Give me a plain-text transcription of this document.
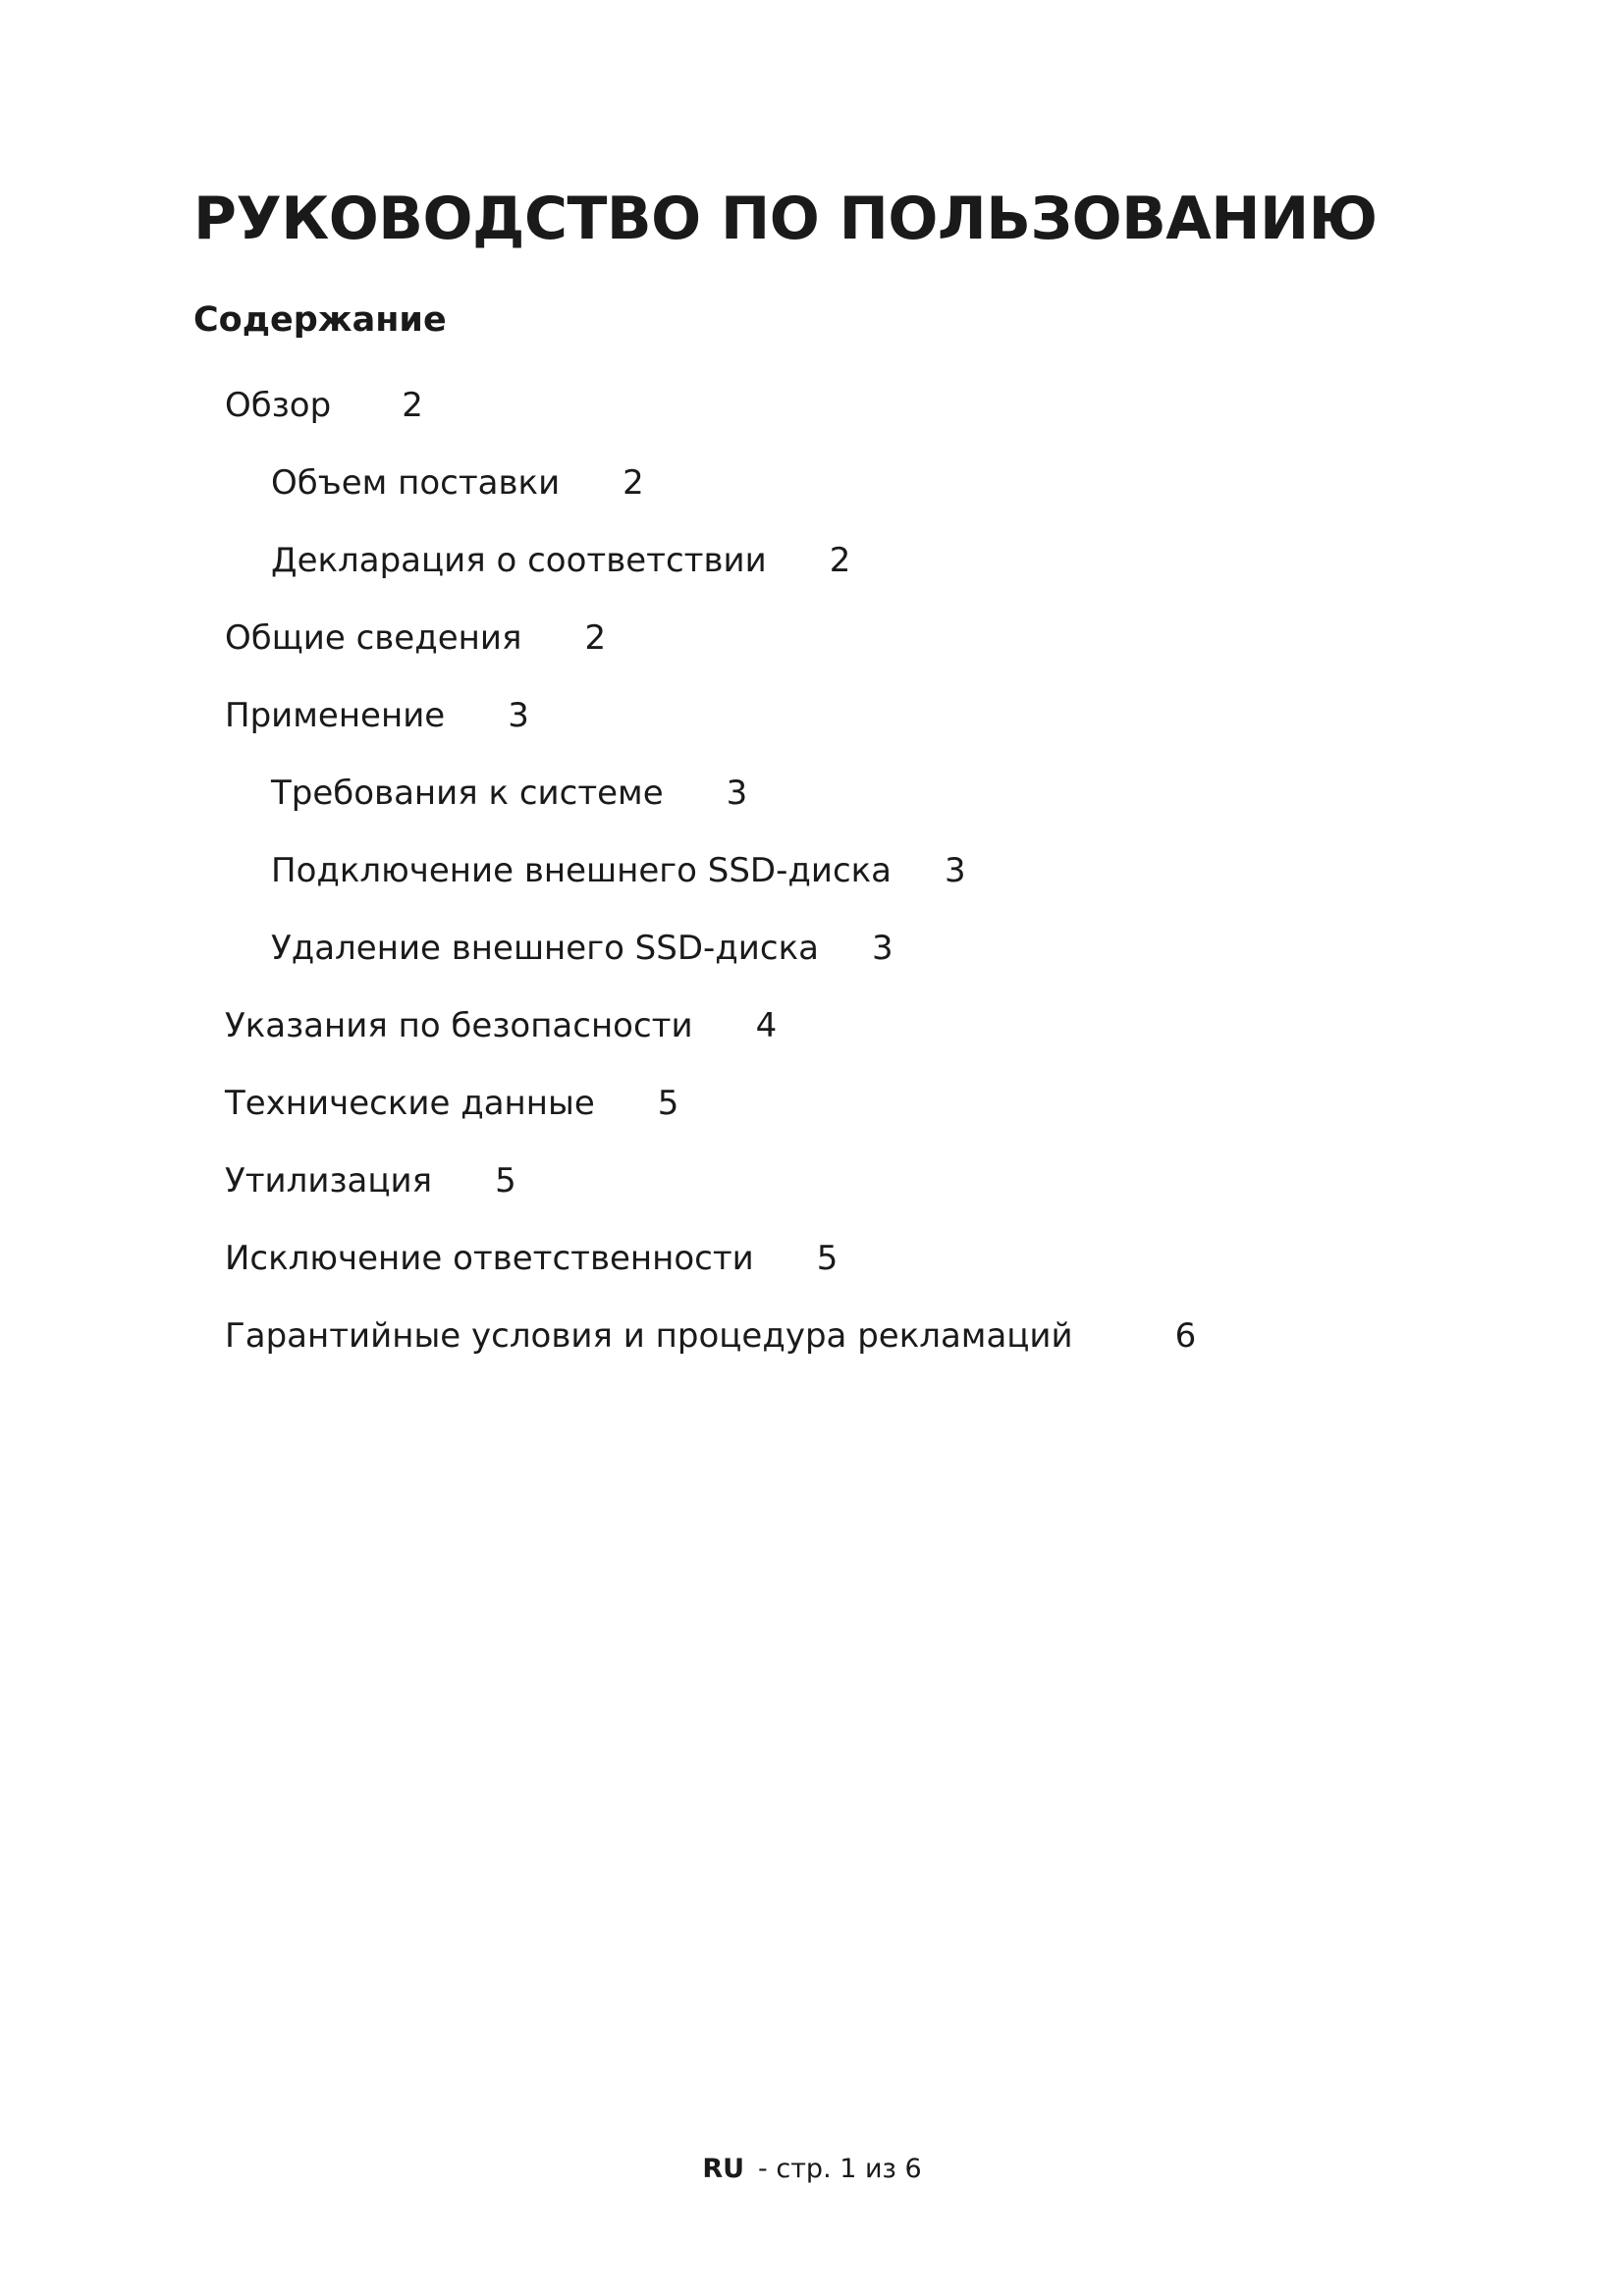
РУКОВОДСТВО ПО ПОЛЬЗОВАНИЮ
Содержание
Обзор 2
Объем поставки 2
Декларация о соответствии 2
Общие сведения 2
Применение 3
Требования к системе 3
Подключение внешнего SSD-диска 3
Удаление внешнего SSD-диска 3
Указания по безопасности 4
Технические данные 5
Утилизация 5
Исключение ответственности 5
Гарантийные условия и процедура рекламаций	6
RU - стр. 1 из 6
